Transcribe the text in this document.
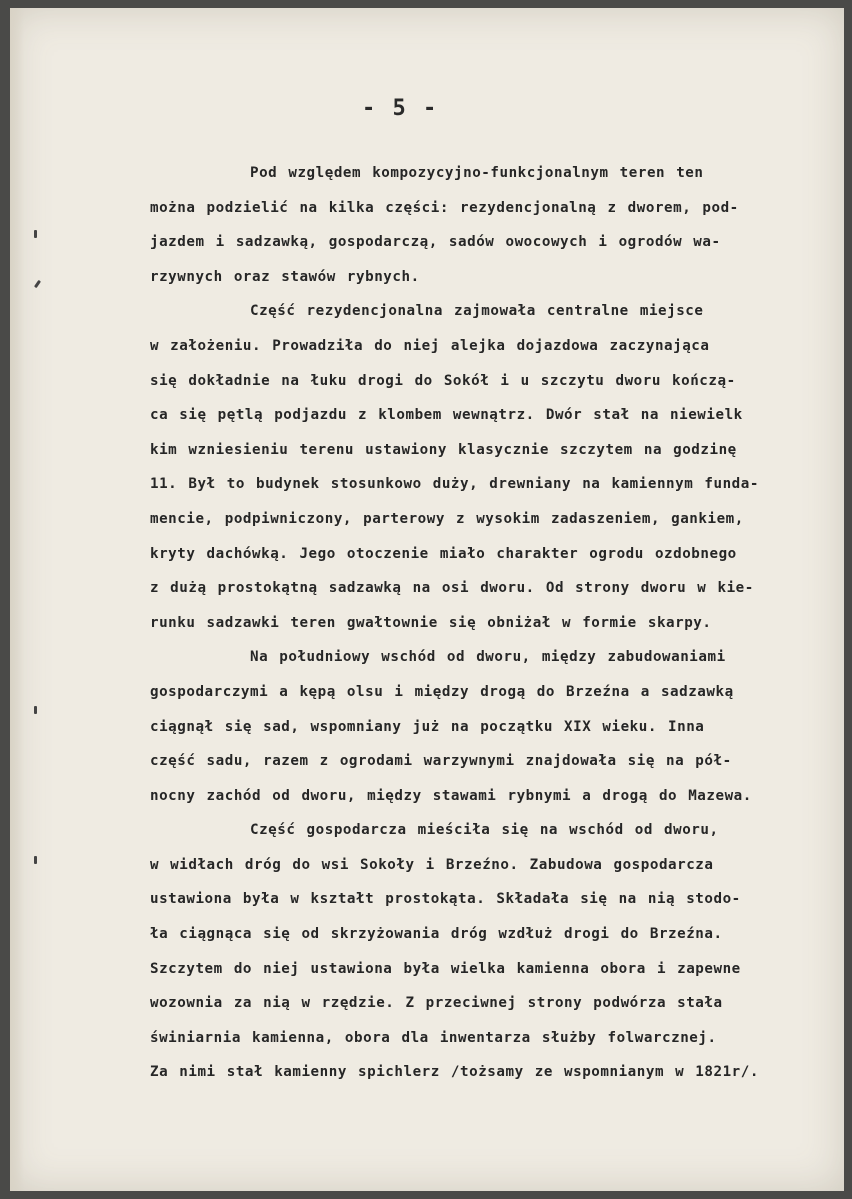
- 5 -
Pod względem kompozycyjno-funkcjonalnym teren ten
można podzielić na kilka części: rezydencjonalną z dworem, pod-
jazdem i sadzawką, gospodarczą, sadów owocowych i ogrodów wa-
rzywnych oraz stawów rybnych.
Część rezydencjonalna zajmowała centralne miejsce
w założeniu. Prowadziła do niej alejka dojazdowa zaczynająca
się dokładnie na łuku drogi do Sokół i u szczytu dworu kończą-
ca się pętlą podjazdu z klombem wewnątrz. Dwór stał na niewielk
kim wzniesieniu terenu ustawiony klasycznie szczytem na godzinę
11. Był to budynek stosunkowo duży, drewniany na kamiennym funda-
mencie, podpiwniczony, parterowy z wysokim zadaszeniem, gankiem,
kryty dachówką. Jego otoczenie miało charakter ogrodu ozdobnego
z dużą prostokątną sadzawką na osi dworu. Od strony dworu w kie-
runku sadzawki teren gwałtownie się obniżał w formie skarpy.
Na południowy wschód od dworu, między zabudowaniami
gospodarczymi a kępą olsu i między drogą do Brzeźna a sadzawką
ciągnął się sad, wspomniany już na początku XIX wieku. Inna
część sadu, razem z ogrodami warzywnymi znajdowała się na pół-
nocny zachód od dworu, między stawami rybnymi a drogą do Mazewa.
Część gospodarcza mieściła się na wschód od dworu,
w widłach dróg do wsi Sokoły i Brzeźno. Zabudowa gospodarcza
ustawiona była w kształt prostokąta. Składała się na nią stodo-
ła ciągnąca się od skrzyżowania dróg wzdłuż drogi do Brzeźna.
Szczytem do niej ustawiona była wielka kamienna obora i zapewne
wozownia za nią w rzędzie. Z przeciwnej strony podwórza stała
świniarnia kamienna, obora dla inwentarza służby folwarcznej.
Za nimi stał kamienny spichlerz /tożsamy ze wspomnianym w 1821r/.
